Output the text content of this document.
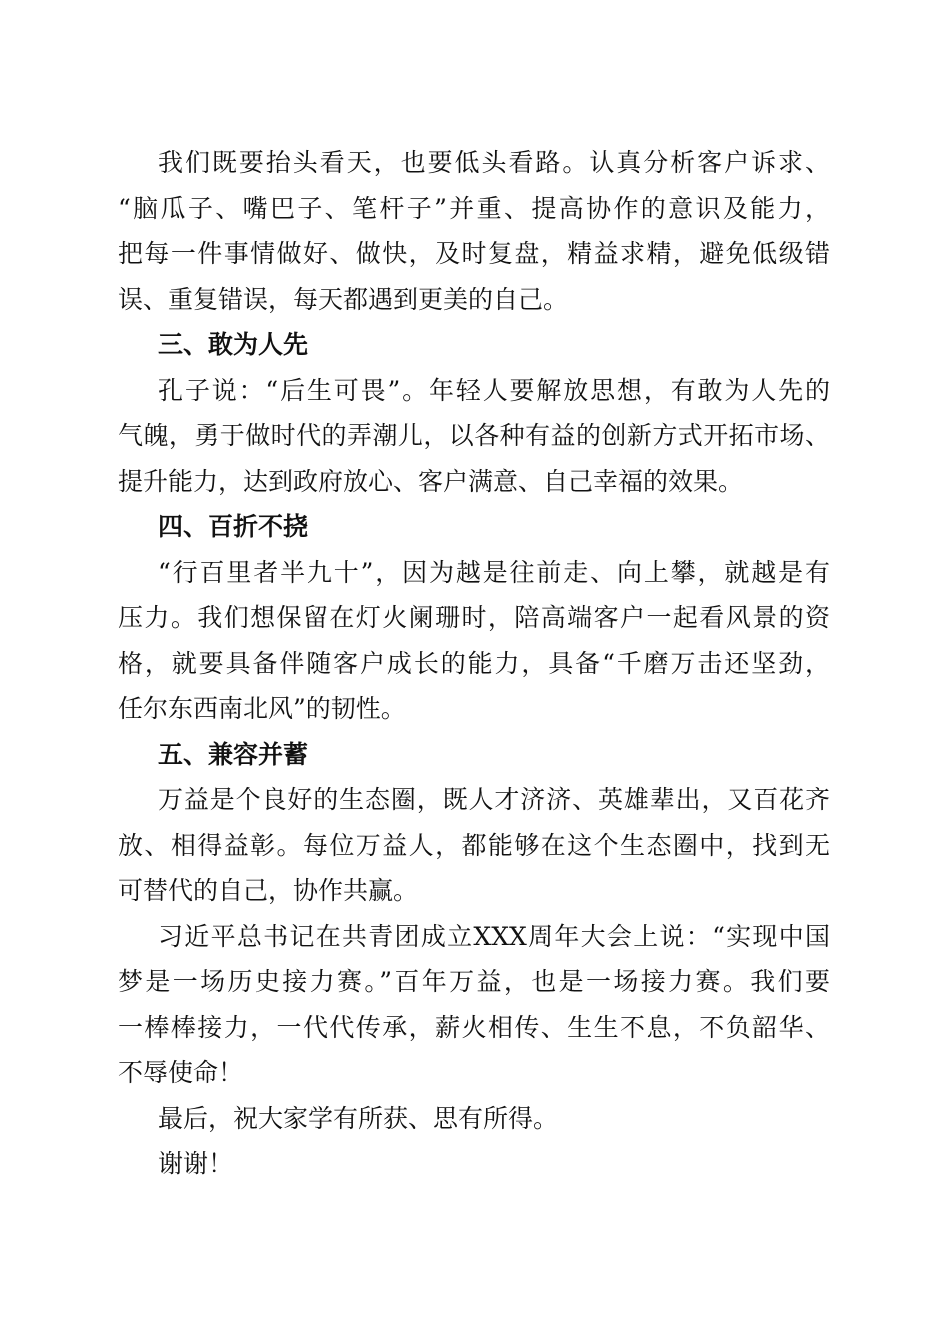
我们既要抬头看天，也要低头看路。认真分析客户诉求、
“脑瓜子、嘴巴子、笔杆子”并重、提高协作的意识及能力，
把每一件事情做好、做快，及时复盘，精益求精，避免低级错
误、重复错误，每天都遇到更美的自己。
三、敢为人先
孔子说：“后生可畏”。年轻人要解放思想，有敢为人先的
气魄，勇于做时代的弄潮儿，以各种有益的创新方式开拓市场、
提升能力，达到政府放心、客户满意、自己幸福的效果。
四、百折不挠
“行百里者半九十”，因为越是往前走、向上攀，就越是有
压力。我们想保留在灯火阑珊时，陪高端客户一起看风景的资
格，就要具备伴随客户成长的能力，具备“千磨万击还坚劲，
任尔东西南北风”的韧性。
五、兼容并蓄
万益是个良好的生态圈，既人才济济、英雄辈出，又百花齐
放、相得益彰。每位万益人，都能够在这个生态圈中，找到无
可替代的自己，协作共赢。
习近平总书记在共青团成立XXX周年大会上说：“实现中国
梦是一场历史接力赛。”百年万益，也是一场接力赛。我们要
一棒棒接力，一代代传承，薪火相传、生生不息，不负韶华、
不辱使命！
最后，祝大家学有所获、思有所得。
谢谢！
